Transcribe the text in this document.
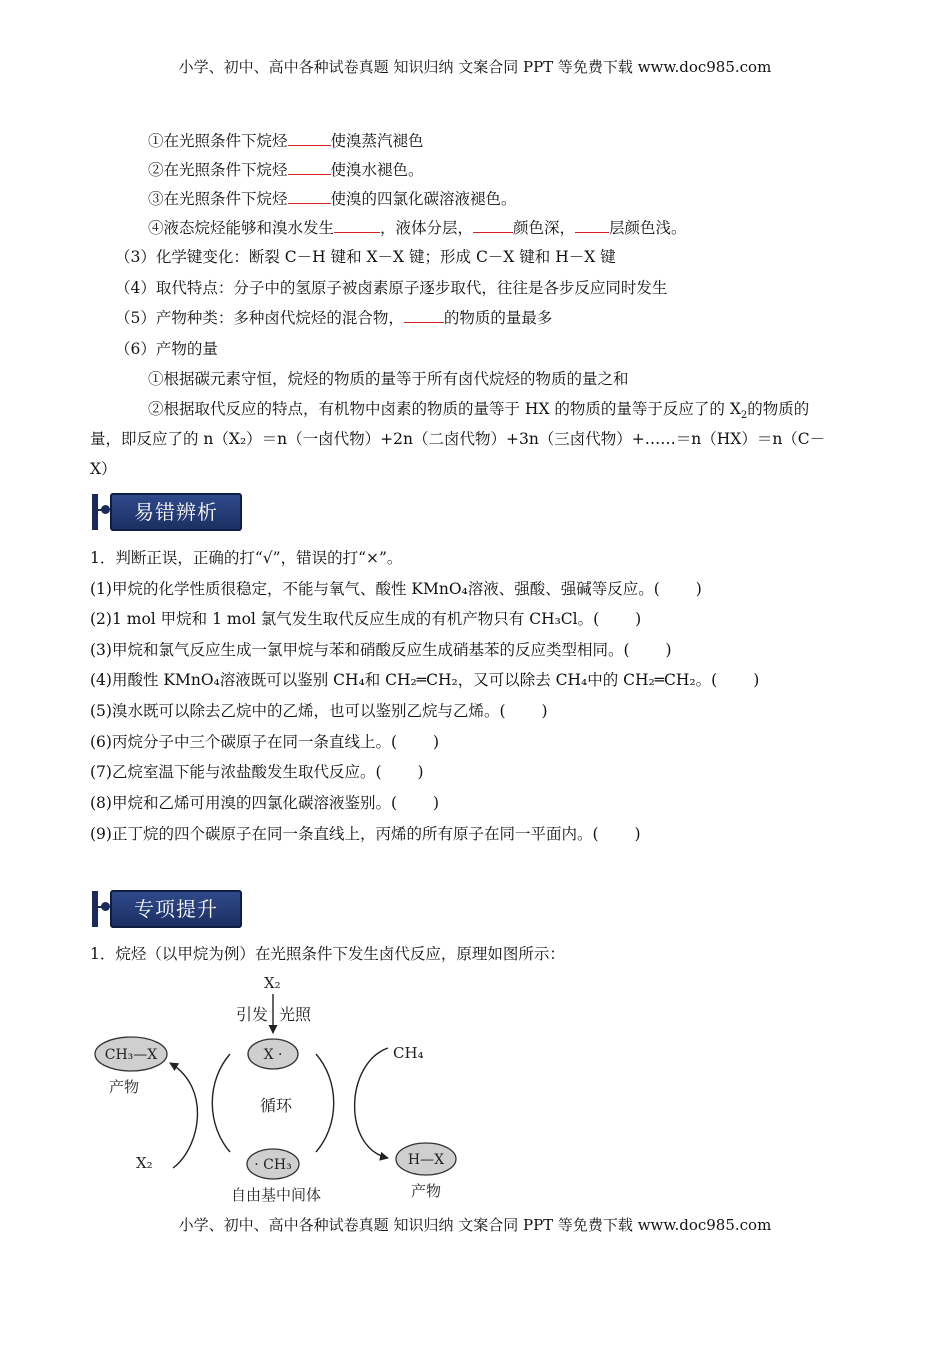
小学、初中、高中各种试卷真题 知识归纳 文案合同 PPT 等免费下载 www.doc985.com
①在光照条件下烷烃	使溴蒸汽褪色
②在光照条件下烷烃	使溴水褪色。
③在光照条件下烷烃	使溴的四氯化碳溶液褪色。
④液态烷烃能够和溴水发生	，液体分层，	颜色深， 层颜色浅。
（3）化学键变化：断裂 C－H 键和 X－X 键；形成 C－X 键和 H－X 键
（4）取代特点：分子中的氢原子被卤素原子逐步取代，往往是各步反应同时发生
（5）产物种类：多种卤代烷烃的混合物，	的物质的量最多
（6）产物的量
①根据碳元素守恒，烷烃的物质的量等于所有卤代烷烃的物质的量之和
②根据取代反应的特点，有机物中卤素的物质的量等于 HX 的物质的量等于反应了的 $X_2$的物质的
量，即反应了的 n（X₂）＝n（一卤代物）+2n（二卤代物）+3n（三卤代物）+……＝n（HX）＝n（C－
X）
易错辨析
1．判断正误，正确的打“√”，错误的打“×”。
(1)甲烷的化学性质很稳定，不能与氧气、酸性 KMnO₄溶液、强酸、强碱等反应。( )
(2)1 mol 甲烷和 1 mol 氯气发生取代反应生成的有机产物只有 CH₃Cl。( )
(3)甲烷和氯气反应生成一氯甲烷与苯和硝酸反应生成硝基苯的反应类型相同。( )
(4)用酸性 KMnO₄溶液既可以鉴别 CH₄和 CH₂═CH₂，又可以除去 CH₄中的 CH₂═CH₂。( )
(5)溴水既可以除去乙烷中的乙烯，也可以鉴别乙烷与乙烯。( )
(6)丙烷分子中三个碳原子在同一条直线上。( )
(7)乙烷室温下能与浓盐酸发生取代反应。( )
(8)甲烷和乙烯可用溴的四氯化碳溶液鉴别。( )
(9)正丁烷的四个碳原子在同一条直线上，丙烯的所有原子在同一平面内。( )
专项提升
1．烷烃（以甲烷为例）在光照条件下发生卤代反应，原理如图所示：
X₂
引发 光照
循环
X ·
· CH₃
自由基中间体
CH₃—X
产物
X₂
CH₄
H—X
产物
小学、初中、高中各种试卷真题 知识归纳 文案合同 PPT 等免费下载 www.doc985.com
